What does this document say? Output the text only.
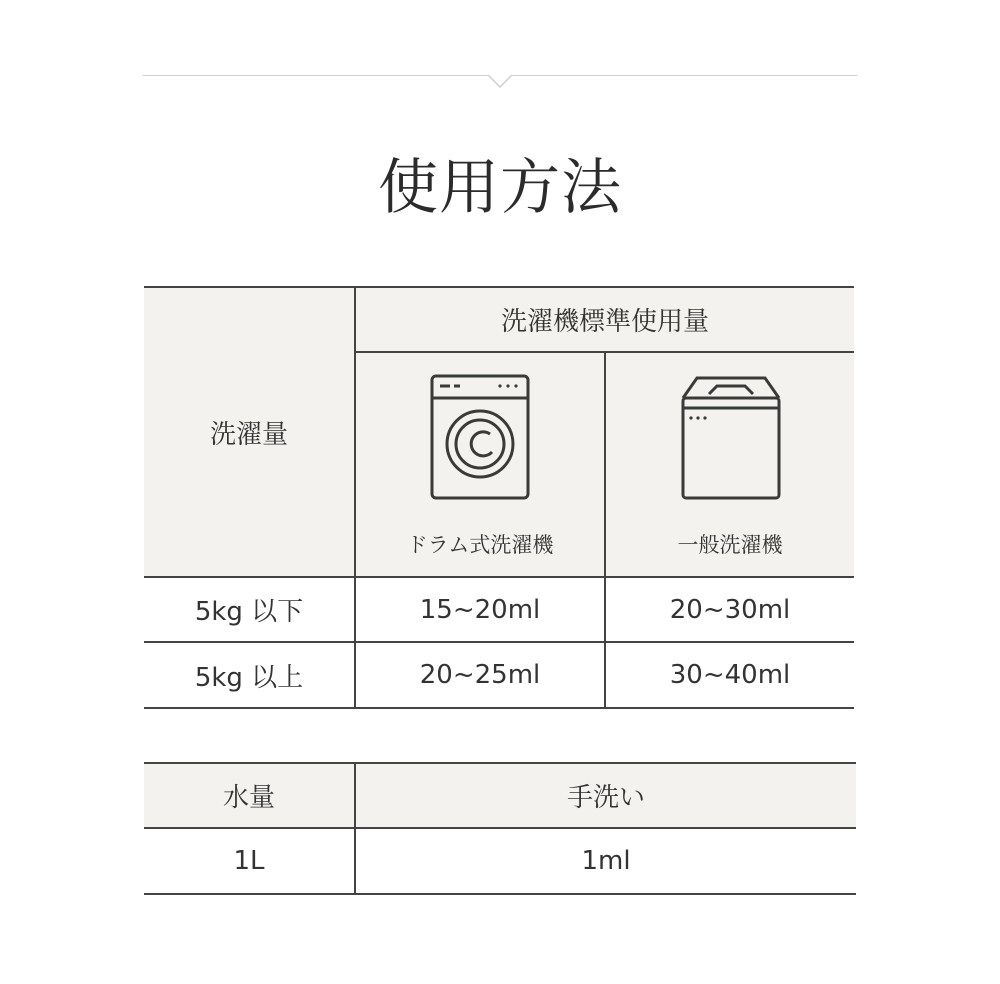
使用方法
洗濯量
洗濯機標準使用量
ドラム式洗濯機	一般洗濯機
5kg 以下	15~20ml	20~30ml
5kg 以上	20~25ml	30~40ml
水量	手洗い
1L	1ml
